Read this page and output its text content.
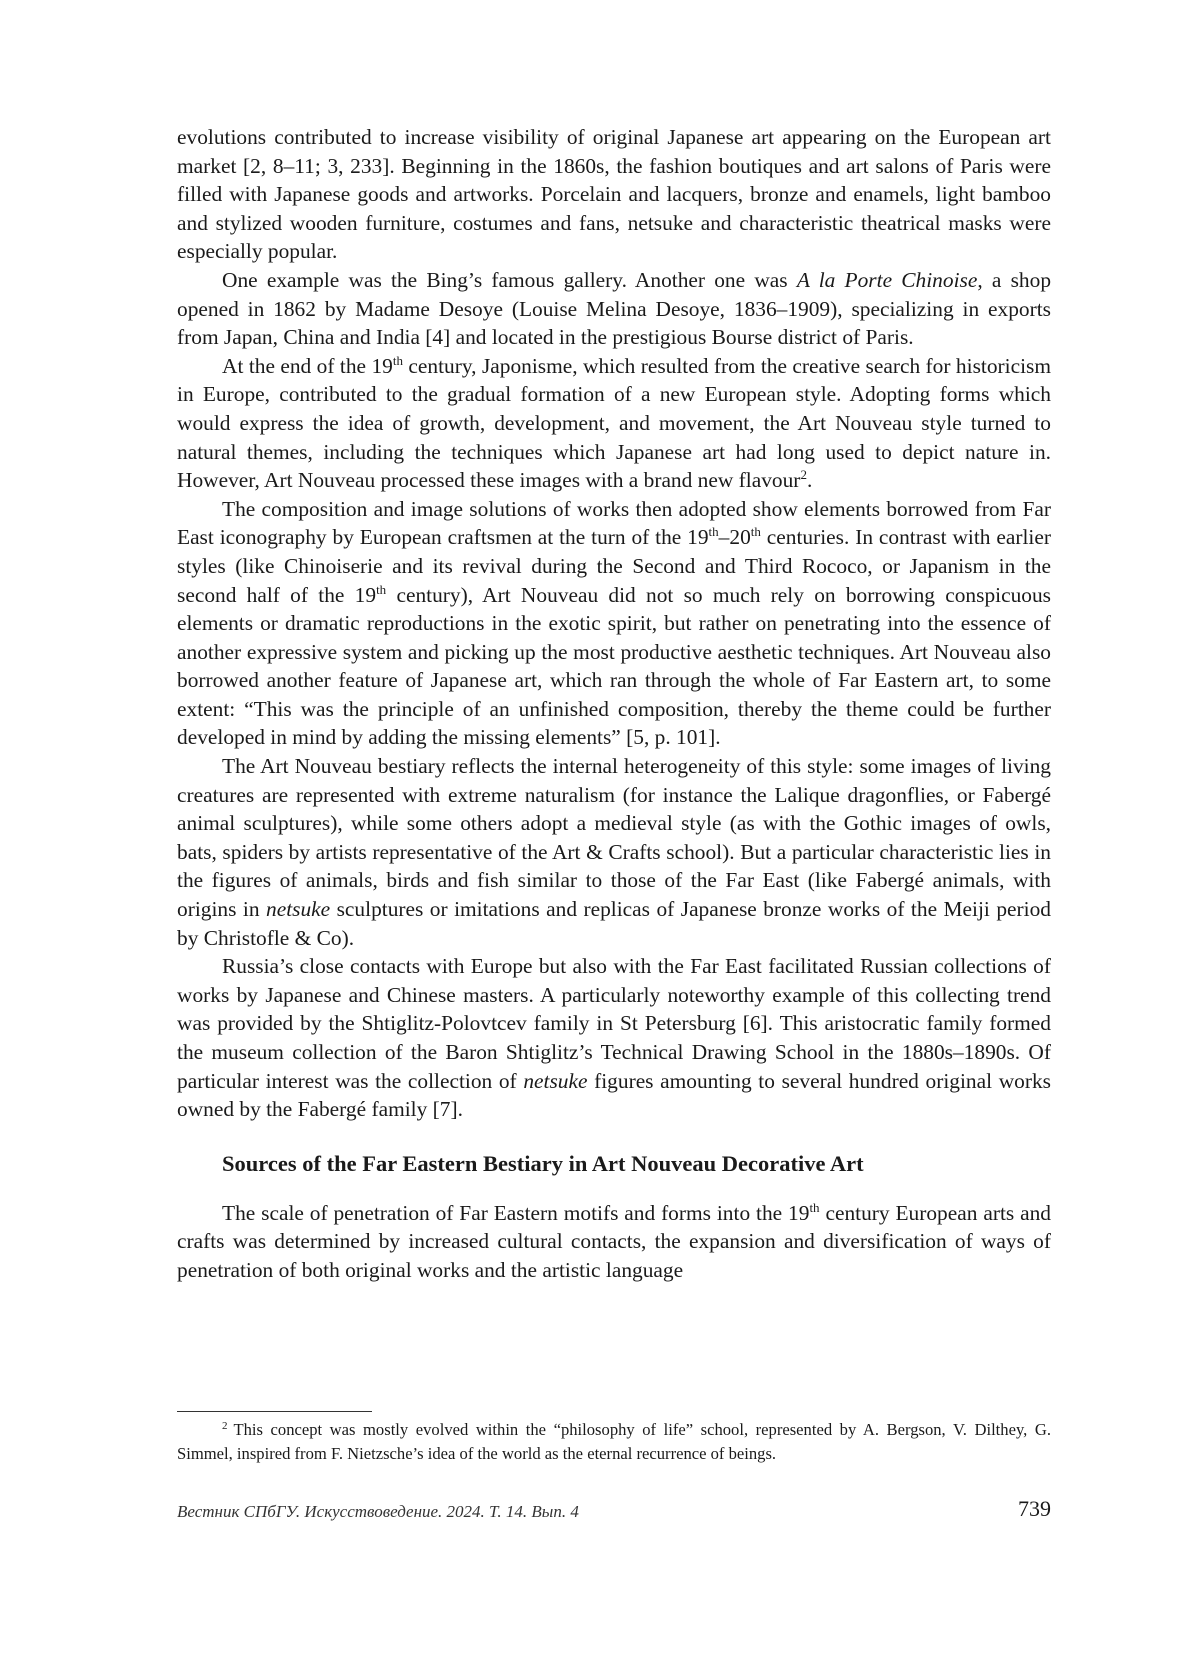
evolutions contributed to increase visibility of original Japanese art appearing on the European art market [2, 8–11; 3, 233]. Beginning in the 1860s, the fashion boutiques and art salons of Paris were filled with Japanese goods and artworks. Porcelain and lacquers, bronze and enamels, light bamboo and stylized wooden furniture, costumes and fans, netsuke and characteristic theatrical masks were especially popular.

One example was the Bing’s famous gallery. Another one was A la Porte Chinoise, a shop opened in 1862 by Madame Desoye (Louise Melina Desoye, 1836–1909), specializing in exports from Japan, China and India [4] and located in the prestigious Bourse district of Paris.

At the end of the 19th century, Japonisme, which resulted from the creative search for historicism in Europe, contributed to the gradual formation of a new European style. Adopting forms which would express the idea of growth, development, and movement, the Art Nouveau style turned to natural themes, including the techniques which Japanese art had long used to depict nature in. However, Art Nouveau processed these images with a brand new flavour$^2$.

The composition and image solutions of works then adopted show elements borrowed from Far East iconography by European craftsmen at the turn of the 19th–20th centuries. In contrast with earlier styles (like Chinoiserie and its revival during the Second and Third Rococo, or Japanism in the second half of the 19th century), Art Nouveau did not so much rely on borrowing conspicuous elements or dramatic reproductions in the exotic spirit, but rather on penetrating into the essence of another expressive system and picking up the most productive aesthetic techniques. Art Nouveau also borrowed another feature of Japanese art, which ran through the whole of Far Eastern art, to some extent: “This was the principle of an unfinished composition, thereby the theme could be further developed in mind by adding the missing elements” [5, p. 101].

The Art Nouveau bestiary reflects the internal heterogeneity of this style: some images of living creatures are represented with extreme naturalism (for instance the Lalique dragonflies, or Fabergé animal sculptures), while some others adopt a medieval style (as with the Gothic images of owls, bats, spiders by artists representative of the Art & Crafts school). But a particular characteristic lies in the figures of animals, birds and fish similar to those of the Far East (like Fabergé animals, with origins in netsuke sculptures or imitations and replicas of Japanese bronze works of the Meiji period by Christofle & Co).

Russia’s close contacts with Europe but also with the Far East facilitated Russian collections of works by Japanese and Chinese masters. A particularly noteworthy example of this collecting trend was provided by the Shtiglitz-Polovtcev family in St Petersburg [6]. This aristocratic family formed the museum collection of the Baron Shtiglitz’s Technical Drawing School in the 1880s–1890s. Of particular interest was the collection of netsuke figures amounting to several hundred original works owned by the Fabergé family [7].

Sources of the Far Eastern Bestiary in Art Nouveau Decorative Art

The scale of penetration of Far Eastern motifs and forms into the 19th century European arts and crafts was determined by increased cultural contacts, the expansion and diversification of ways of penetration of both original works and the artistic language

$^2$ This concept was mostly evolved within the “philosophy of life” school, represented by A. Bergson, V. Dilthey, G. Simmel, inspired from F. Nietzsche’s idea of the world as the eternal recurrence of beings.

Вестник СПбГУ. Искусствоведение. 2024. Т. 14. Вып. 4	739
